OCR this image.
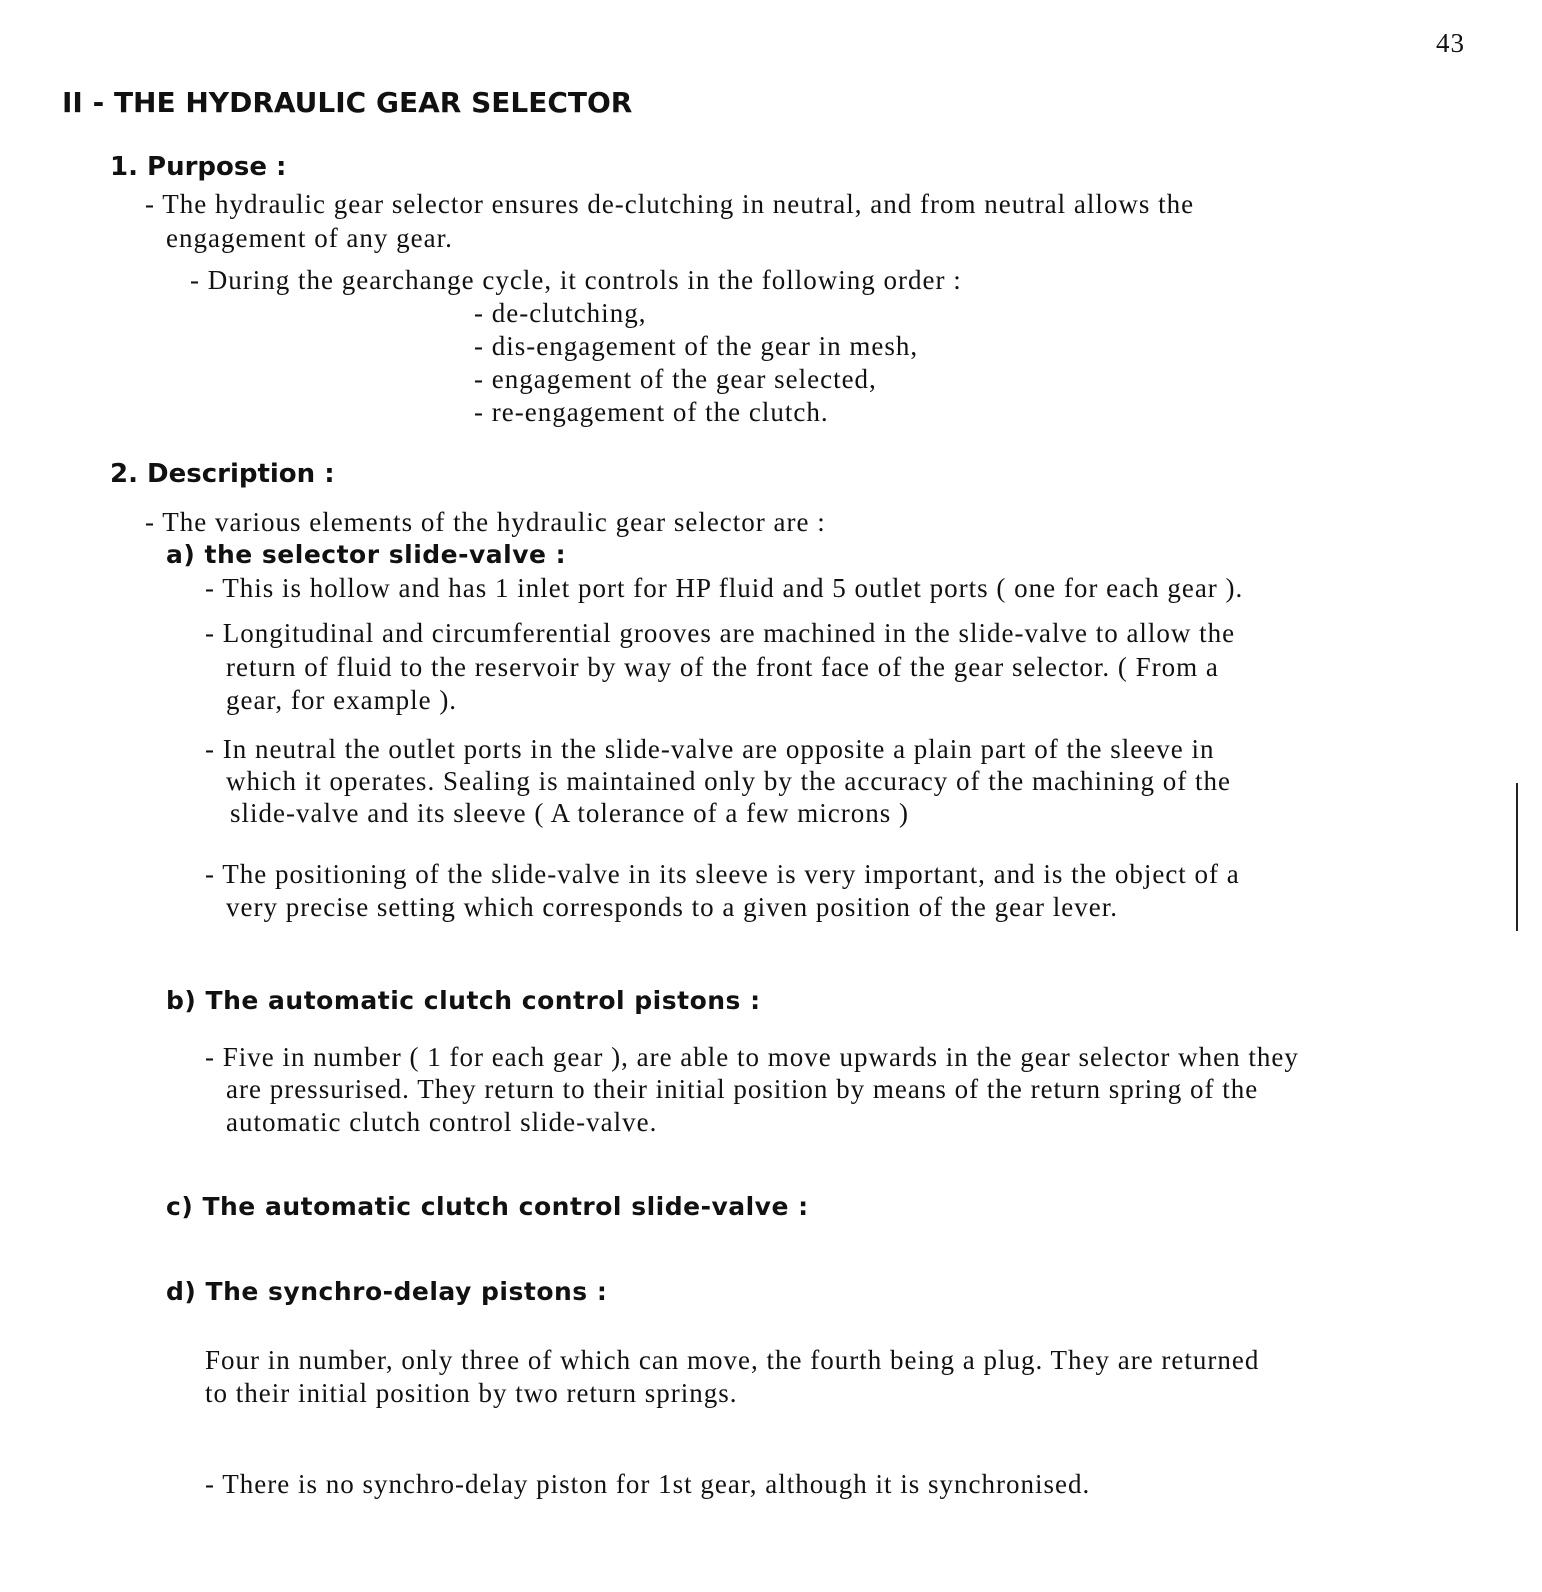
43
II - THE HYDRAULIC GEAR SELECTOR
1. Purpose :
- The hydraulic gear selector ensures de-clutching in neutral, and from neutral allows the
engagement of any gear.
- During the gearchange cycle, it controls in the following order :
- de-clutching,
- dis-engagement of the gear in mesh,
- engagement of the gear selected,
- re-engagement of the clutch.
2. Description :
- The various elements of the hydraulic gear selector are :
a) the selector slide-valve :
- This is hollow and has 1 inlet port for HP fluid and 5 outlet ports ( one for each gear ).
- Longitudinal and circumferential grooves are machined in the slide-valve to allow the
return of fluid to the reservoir by way of the front face of the gear selector. ( From a
gear, for example ).
- In neutral the outlet ports in the slide-valve are opposite a plain part of the sleeve in
which it operates. Sealing is maintained only by the accuracy of the machining of the
slide-valve and its sleeve ( A tolerance of a few microns )
- The positioning of the slide-valve in its sleeve is very important, and is the object of a
very precise setting which corresponds to a given position of the gear lever.
b) The automatic clutch control pistons :
- Five in number ( 1 for each gear ), are able to move upwards in the gear selector when they
are pressurised. They return to their initial position by means of the return spring of the
automatic clutch control slide-valve.
c) The automatic clutch control slide-valve :
d) The synchro-delay pistons :
Four in number, only three of which can move, the fourth being a plug. They are returned
to their initial position by two return springs.
- There is no synchro-delay piston for 1st gear, although it is synchronised.
